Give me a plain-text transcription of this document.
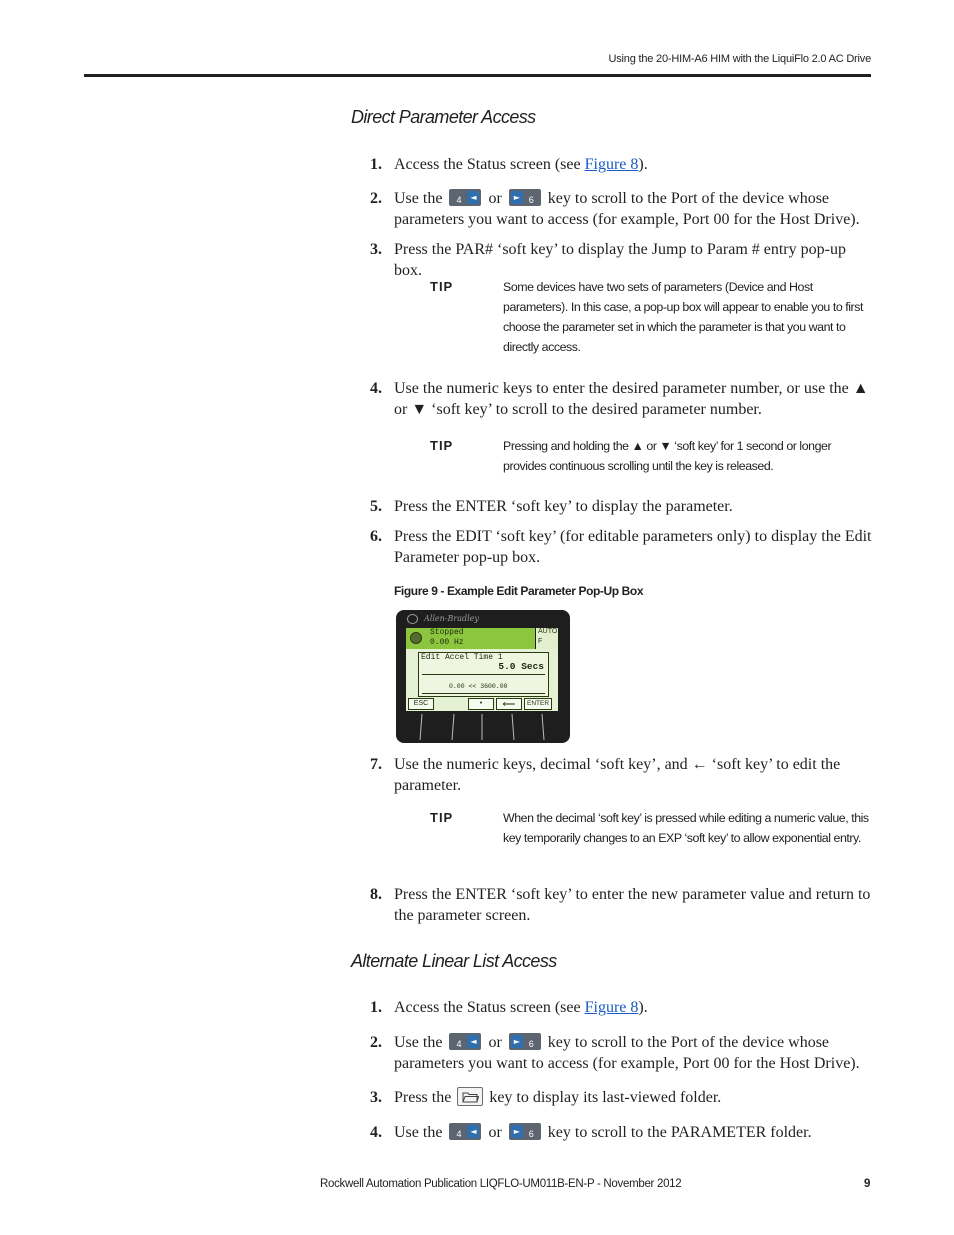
Using the 20-HIM-A6 HIM with the LiquiFlo 2.0 AC Drive
Direct Parameter Access
1. Access the Status screen (see Figure 8).
2. Use the 4	◄ or	► 6 key to scroll to the Port of the device whose parameters you want to access (for example, Port 00 for the Host Drive).
3. Press the PAR# ‘soft key’ to display the Jump to Param # entry pop-up box.
TIP	Some devices have two sets of parameters (Device and Host parameters). In this case, a pop-up box will appear to enable you to first choose the parameter set in which the parameter is that you want to directly access.
4. Use the numeric keys to enter the desired parameter number, or use the ▲ or ▼ ‘soft key’ to scroll to the desired parameter number.
TIP	Pressing and holding the ▲ or ▼ ‘soft key’ for 1 second or longer provides continuous scrolling until the key is released.
5. Press the ENTER ‘soft key’ to display the parameter.
6. Press the EDIT ‘soft key’ (for editable parameters only) to display the Edit Parameter pop-up box.
Figure 9 - Example Edit Parameter Pop-Up Box
Allen-Bradley
Stopped
0.00 Hz
AUTO
F
Edit Accel Time 1
5.0 Secs
0.00 << 3600.00
ESC	•	⟵	ENTER
7. Use the numeric keys, decimal ‘soft key’, and ← ‘soft key’ to edit the parameter.
TIP	When the decimal ‘soft key’ is pressed while editing a numeric value, this key temporarily changes to an EXP ‘soft key’ to allow exponential entry.
8. Press the ENTER ‘soft key’ to enter the new parameter value and return to the parameter screen.
Alternate Linear List Access
1. Access the Status screen (see Figure 8).
2. Use the 4	◄ or	► 6 key to scroll to the Port of the device whose parameters you want to access (for example, Port 00 for the Host Drive).
3. Press the key to display its last-viewed folder.
4. Use the 4	◄ or	► 6 key to scroll to the PARAMETER folder.
Rockwell Automation Publication LIQFLO-UM011B-EN-P - November 2012	9
